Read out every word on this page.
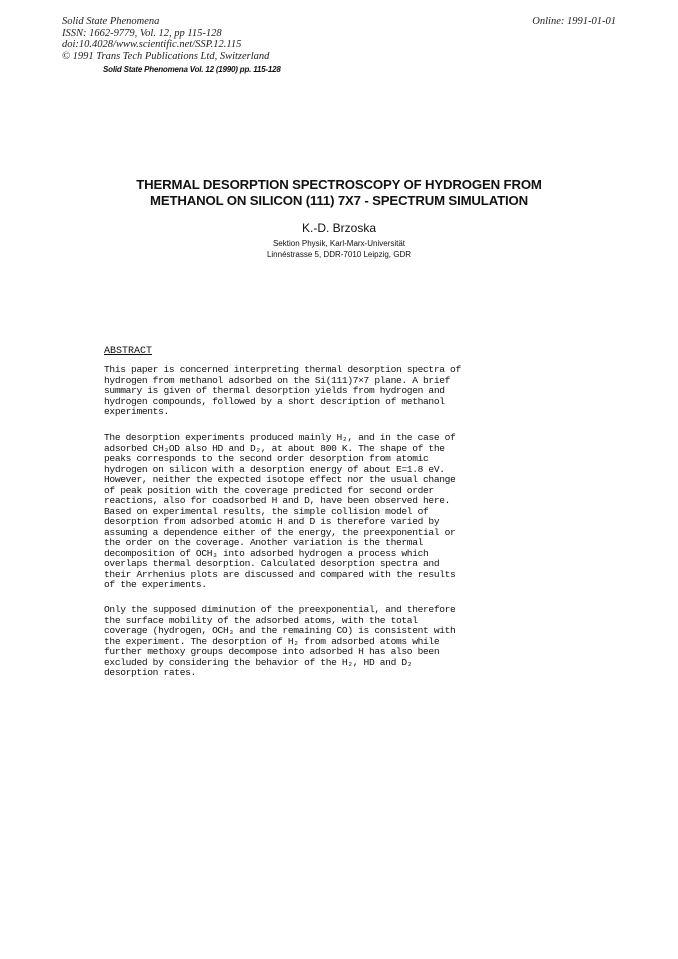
Solid State Phenomena
ISSN: 1662-9779, Vol. 12, pp 115-128
doi:10.4028/www.scientific.net/SSP.12.115
© 1991 Trans Tech Publications Ltd, Switzerland
Online: 1991-01-01
Solid State Phenomena Vol. 12 (1990) pp. 115-128
THERMAL DESORPTION SPECTROSCOPY OF HYDROGEN FROM
METHANOL ON SILICON (111) 7X7 - SPECTRUM SIMULATION
K.-D. Brzoska
Sektion Physik, Karl-Marx-Universität
Linnéstrasse 5, DDR-7010 Leipzig, GDR
ABSTRACT
This paper is concerned interpreting thermal desorption spectra of
hydrogen from methanol adsorbed on the Si(111)7×7 plane. A brief
summary is given of thermal desorption yields from hydrogen and
hydrogen compounds, followed by a short description of methanol
experiments.
The desorption experiments produced mainly H₂, and in the case of
adsorbed CH₃OD also HD and D₂, at about 800 K. The shape of the
peaks corresponds to the second order desorption from atomic
hydrogen on silicon with a desorption energy of about E=1.8 eV.
However, neither the expected isotope effect nor the usual change
of peak position with the coverage predicted for second order
reactions, also for coadsorbed H and D, have been observed here.
Based on experimental results, the simple collision model of
desorption from adsorbed atomic H and D is therefore varied by
assuming a dependence either of the energy, the preexponential or
the order on the coverage. Another variation is the thermal
decomposition of OCH₃ into adsorbed hydrogen a process which
overlaps thermal desorption. Calculated desorption spectra and
their Arrhenius plots are discussed and compared with the results
of the experiments.
Only the supposed diminution of the preexponential, and therefore
the surface mobility of the adsorbed atoms, with the total
coverage (hydrogen, OCH₃ and the remaining CO) is consistent with
the experiment. The desorption of H₂ from adsorbed atoms while
further methoxy groups decompose into adsorbed H has also been
excluded by considering the behavior of the H₂, HD and D₂
desorption rates.
